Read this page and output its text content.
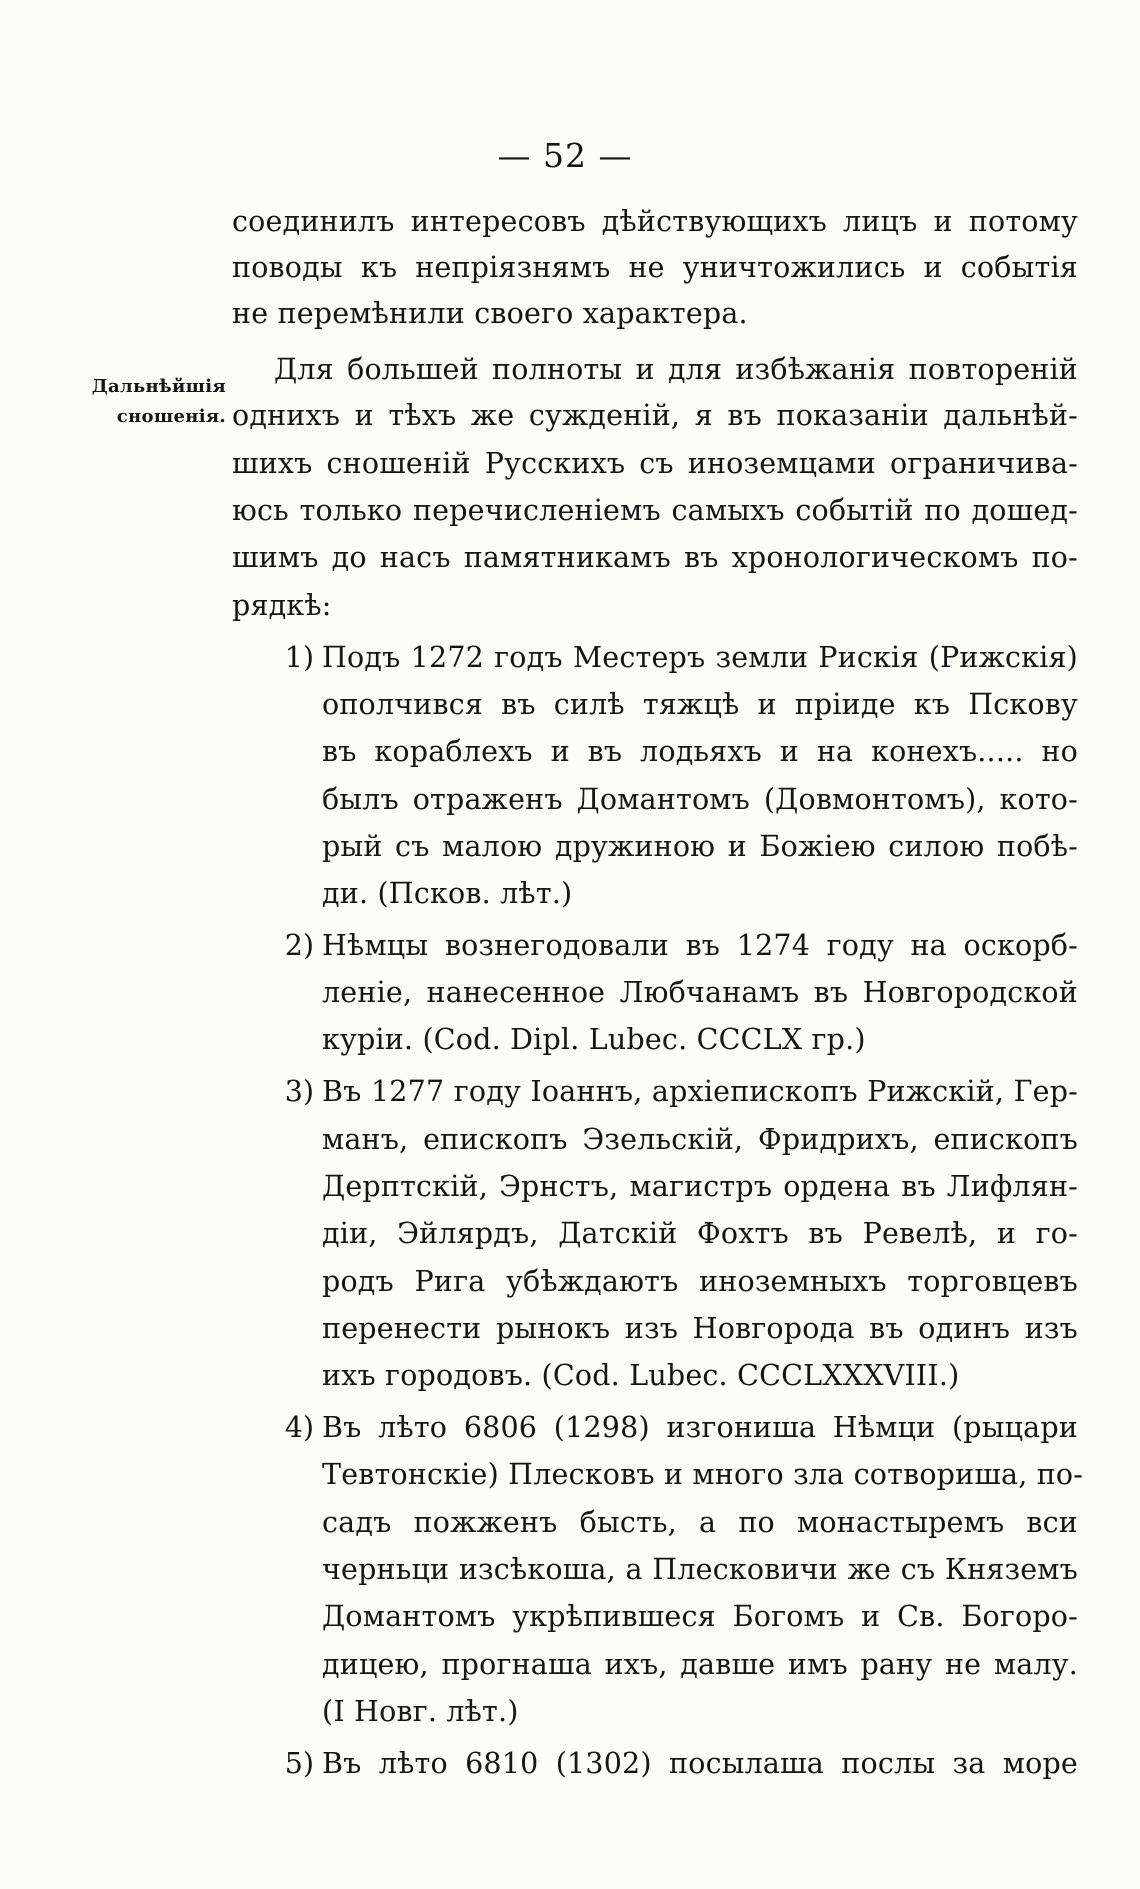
— 52 —
Дальнѣйшія
сношенія.
соединилъ интересовъ дѣйствующихъ лицъ и потому
поводы къ непріязнямъ не уничтожились и событія
не перемѣнили своего характера.
Для большей полноты и для избѣжанія повтореній
однихъ и тѣхъ же сужденій, я въ показаніи дальнѣй-
шихъ сношеній Русскихъ съ иноземцами ограничива-
юсь только перечисленіемъ самыхъ событій по дошед-
шимъ до насъ памятникамъ въ хронологическомъ по-
рядкѣ:
1) Подъ 1272 годъ Местеръ земли Рискія (Рижскія)
ополчився въ силѣ тяжцѣ и пріиде къ Пскову
въ кораблехъ и въ лодьяхъ и на конехъ..... но
былъ отраженъ Домантомъ (Довмонтомъ), кото-
рый съ малою дружиною и Божіею силою побѣ-
ди. (Псков. лѣт.)
2) Нѣмцы вознегодовали въ 1274 году на оскорб-
леніе, нанесенное Любчанамъ въ Новгородской
куріи. (Cod. Dipl. Lubec. CCCLX гр.)
3) Въ 1277 году Іоаннъ, архіепископъ Рижскій, Гер-
манъ, епископъ Эзельскій, Фридрихъ, епископъ
Дерптскій, Эрнстъ, магистръ ордена въ Лифлян-
діи, Эйлярдъ, Датскій Фохтъ въ Ревелѣ, и го-
родъ Рига убѣждаютъ иноземныхъ торговцевъ
перенести рынокъ изъ Новгорода въ одинъ изъ
ихъ городовъ. (Cod. Lubec. CCCLXXXVIII.)
4) Въ лѣто 6806 (1298) изгониша Нѣмци (рыцари
Тевтонскіе) Плесковъ и много зла сотвориша, по-
садъ пожженъ бысть, а по монастыремъ вси
черньци изсѣкоша, а Плесковичи же съ Княземъ
Домантомъ укрѣпившеся Богомъ и Св. Богоро-
дицею, прогнаша ихъ, давше имъ рану не малу.
(I Новг. лѣт.)
5) Въ лѣто 6810 (1302) посылаша послы за море
